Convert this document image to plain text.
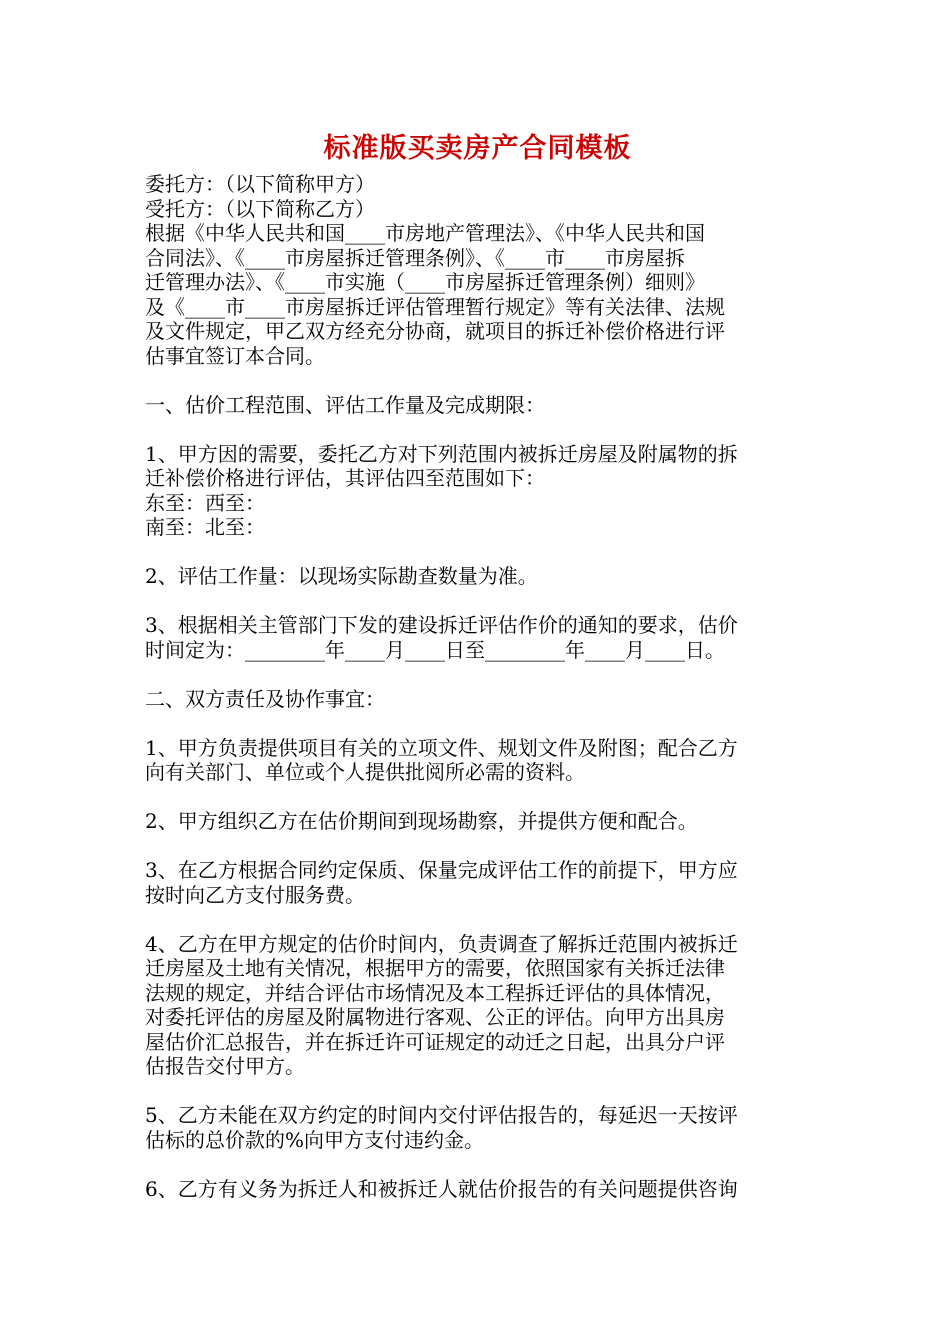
标准版买卖房产合同模板

委托方：（以下简称甲方）

受托方：（以下简称乙方）

根据《中华人民共和国____市房地产管理法》、《中华人民共和国

合同法》、《____市房屋拆迁管理条例》、《____市____市房屋拆

迁管理办法》、《____市实施（____市房屋拆迁管理条例）细则》

及《____市____市房屋拆迁评估管理暂行规定》等有关法律、法规

及文件规定，甲乙双方经充分协商，就项目的拆迁补偿价格进行评

估事宜签订本合同。

一、估价工程范围、评估工作量及完成期限：

1、甲方因的需要，委托乙方对下列范围内被拆迁房屋及附属物的拆

迁补偿价格进行评估，其评估四至范围如下：

东至：西至：

南至：北至：

2、评估工作量：以现场实际勘查数量为准。

3、根据相关主管部门下发的建设拆迁评估作价的通知的要求，估价

时间定为：________年____月____日至________年____月____日。

二、双方责任及协作事宜：

1、甲方负责提供项目有关的立项文件、规划文件及附图；配合乙方

向有关部门、单位或个人提供批阅所必需的资料。

2、甲方组织乙方在估价期间到现场勘察，并提供方便和配合。

3、在乙方根据合同约定保质、保量完成评估工作的前提下，甲方应

按时向乙方支付服务费。

4、乙方在甲方规定的估价时间内，负责调查了解拆迁范围内被拆迁

迁房屋及土地有关情况，根据甲方的需要，依照国家有关拆迁法律

法规的规定，并结合评估市场情况及本工程拆迁评估的具体情况，

对委托评估的房屋及附属物进行客观、公正的评估。向甲方出具房

屋估价汇总报告，并在拆迁许可证规定的动迁之日起，出具分户评

估报告交付甲方。

5、乙方未能在双方约定的时间内交付评估报告的，每延迟一天按评

估标的总价款的%向甲方支付违约金。

6、乙方有义务为拆迁人和被拆迁人就估价报告的有关问题提供咨询
